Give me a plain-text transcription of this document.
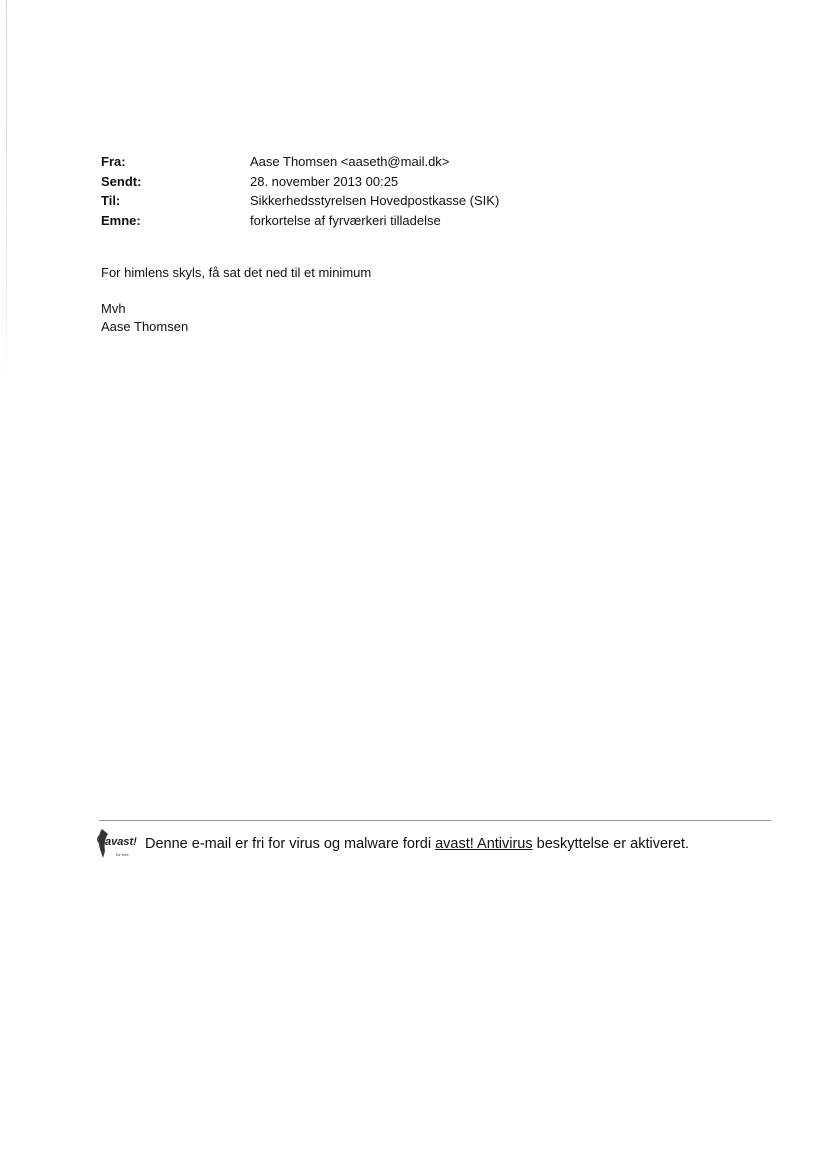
Fra:	Aase Thomsen <aaseth@mail.dk>
Sendt:	28. november 2013 00:25
Til:	Sikkerhedsstyrelsen Hovedpostkasse (SIK)
Emne:	forkortelse af fyrværkeri tilladelse

For himlens skyls, få sat det ned til et minimum

Mvh
Aase Thomsen
avast!
for free
Denne e-mail er fri for virus og malware fordi avast! Antivirus beskyttelse er aktiveret.
